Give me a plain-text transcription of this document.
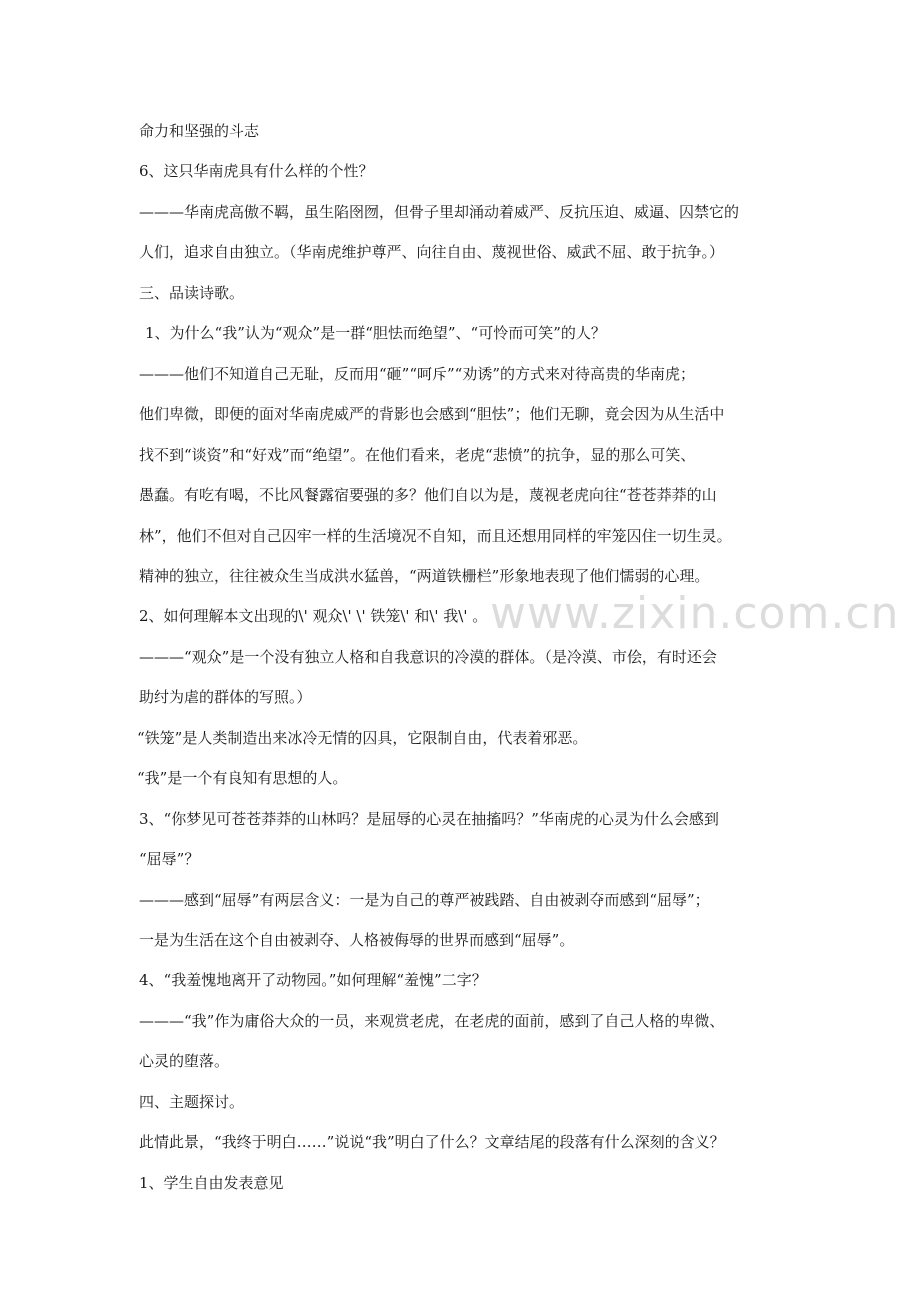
www.zixin.com.cn
命力和坚强的斗志
6、这只华南虎具有什么样的个性？
———华南虎高傲不羁，虽生陷囹囫，但骨子里却涌动着威严、反抗压迫、威逼、囚禁它的
人们，追求自由独立。（华南虎维护尊严、向往自由、蔑视世俗、威武不屈、敢于抗争。）
三、品读诗歌。
1、为什么“我”认为“观众”是一群“胆怯而绝望”、“可怜而可笑”的人？
———他们不知道自己无耻，反而用“砸”“呵斥”“劝诱”的方式来对待高贵的华南虎；
他们卑微，即便的面对华南虎威严的背影也会感到“胆怯”；他们无聊，竟会因为从生活中
找不到“谈资”和“好戏”而“绝望”。在他们看来，老虎“悲愤”的抗争，显的那么可笑、
愚蠢。有吃有喝，不比风餐露宿要强的多？他们自以为是，蔑视老虎向往“苍苍莽莽的山
林”，他们不但对自己囚牢一样的生活境况不自知，而且还想用同样的牢笼囚住一切生灵。
精神的独立，往往被众生当成洪水猛兽，“两道铁栅栏”形象地表现了他们懦弱的心理。
2、如何理解本文出现的\' 观众\' \' 铁笼\' 和\' 我\' 。
———“观众”是一个没有独立人格和自我意识的冷漠的群体。（是冷漠、市侩，有时还会
助纣为虐的群体的写照。）
“铁笼”是人类制造出来冰冷无情的囚具，它限制自由，代表着邪恶。
“我”是一个有良知有思想的人。
3、“你梦见可苍苍莽莽的山林吗？是屈辱的心灵在抽搐吗？”华南虎的心灵为什么会感到
“屈辱”？
———感到“屈辱”有两层含义：一是为自己的尊严被践踏、自由被剥夺而感到“屈辱”；
一是为生活在这个自由被剥夺、人格被侮辱的世界而感到“屈辱”。
4、“我羞愧地离开了动物园。”如何理解“羞愧”二字？
———“我”作为庸俗大众的一员，来观赏老虎，在老虎的面前，感到了自己人格的卑微、
心灵的堕落。
四、主题探讨。
此情此景，“我终于明白……”说说“我”明白了什么？文章结尾的段落有什么深刻的含义？
1、学生自由发表意见
